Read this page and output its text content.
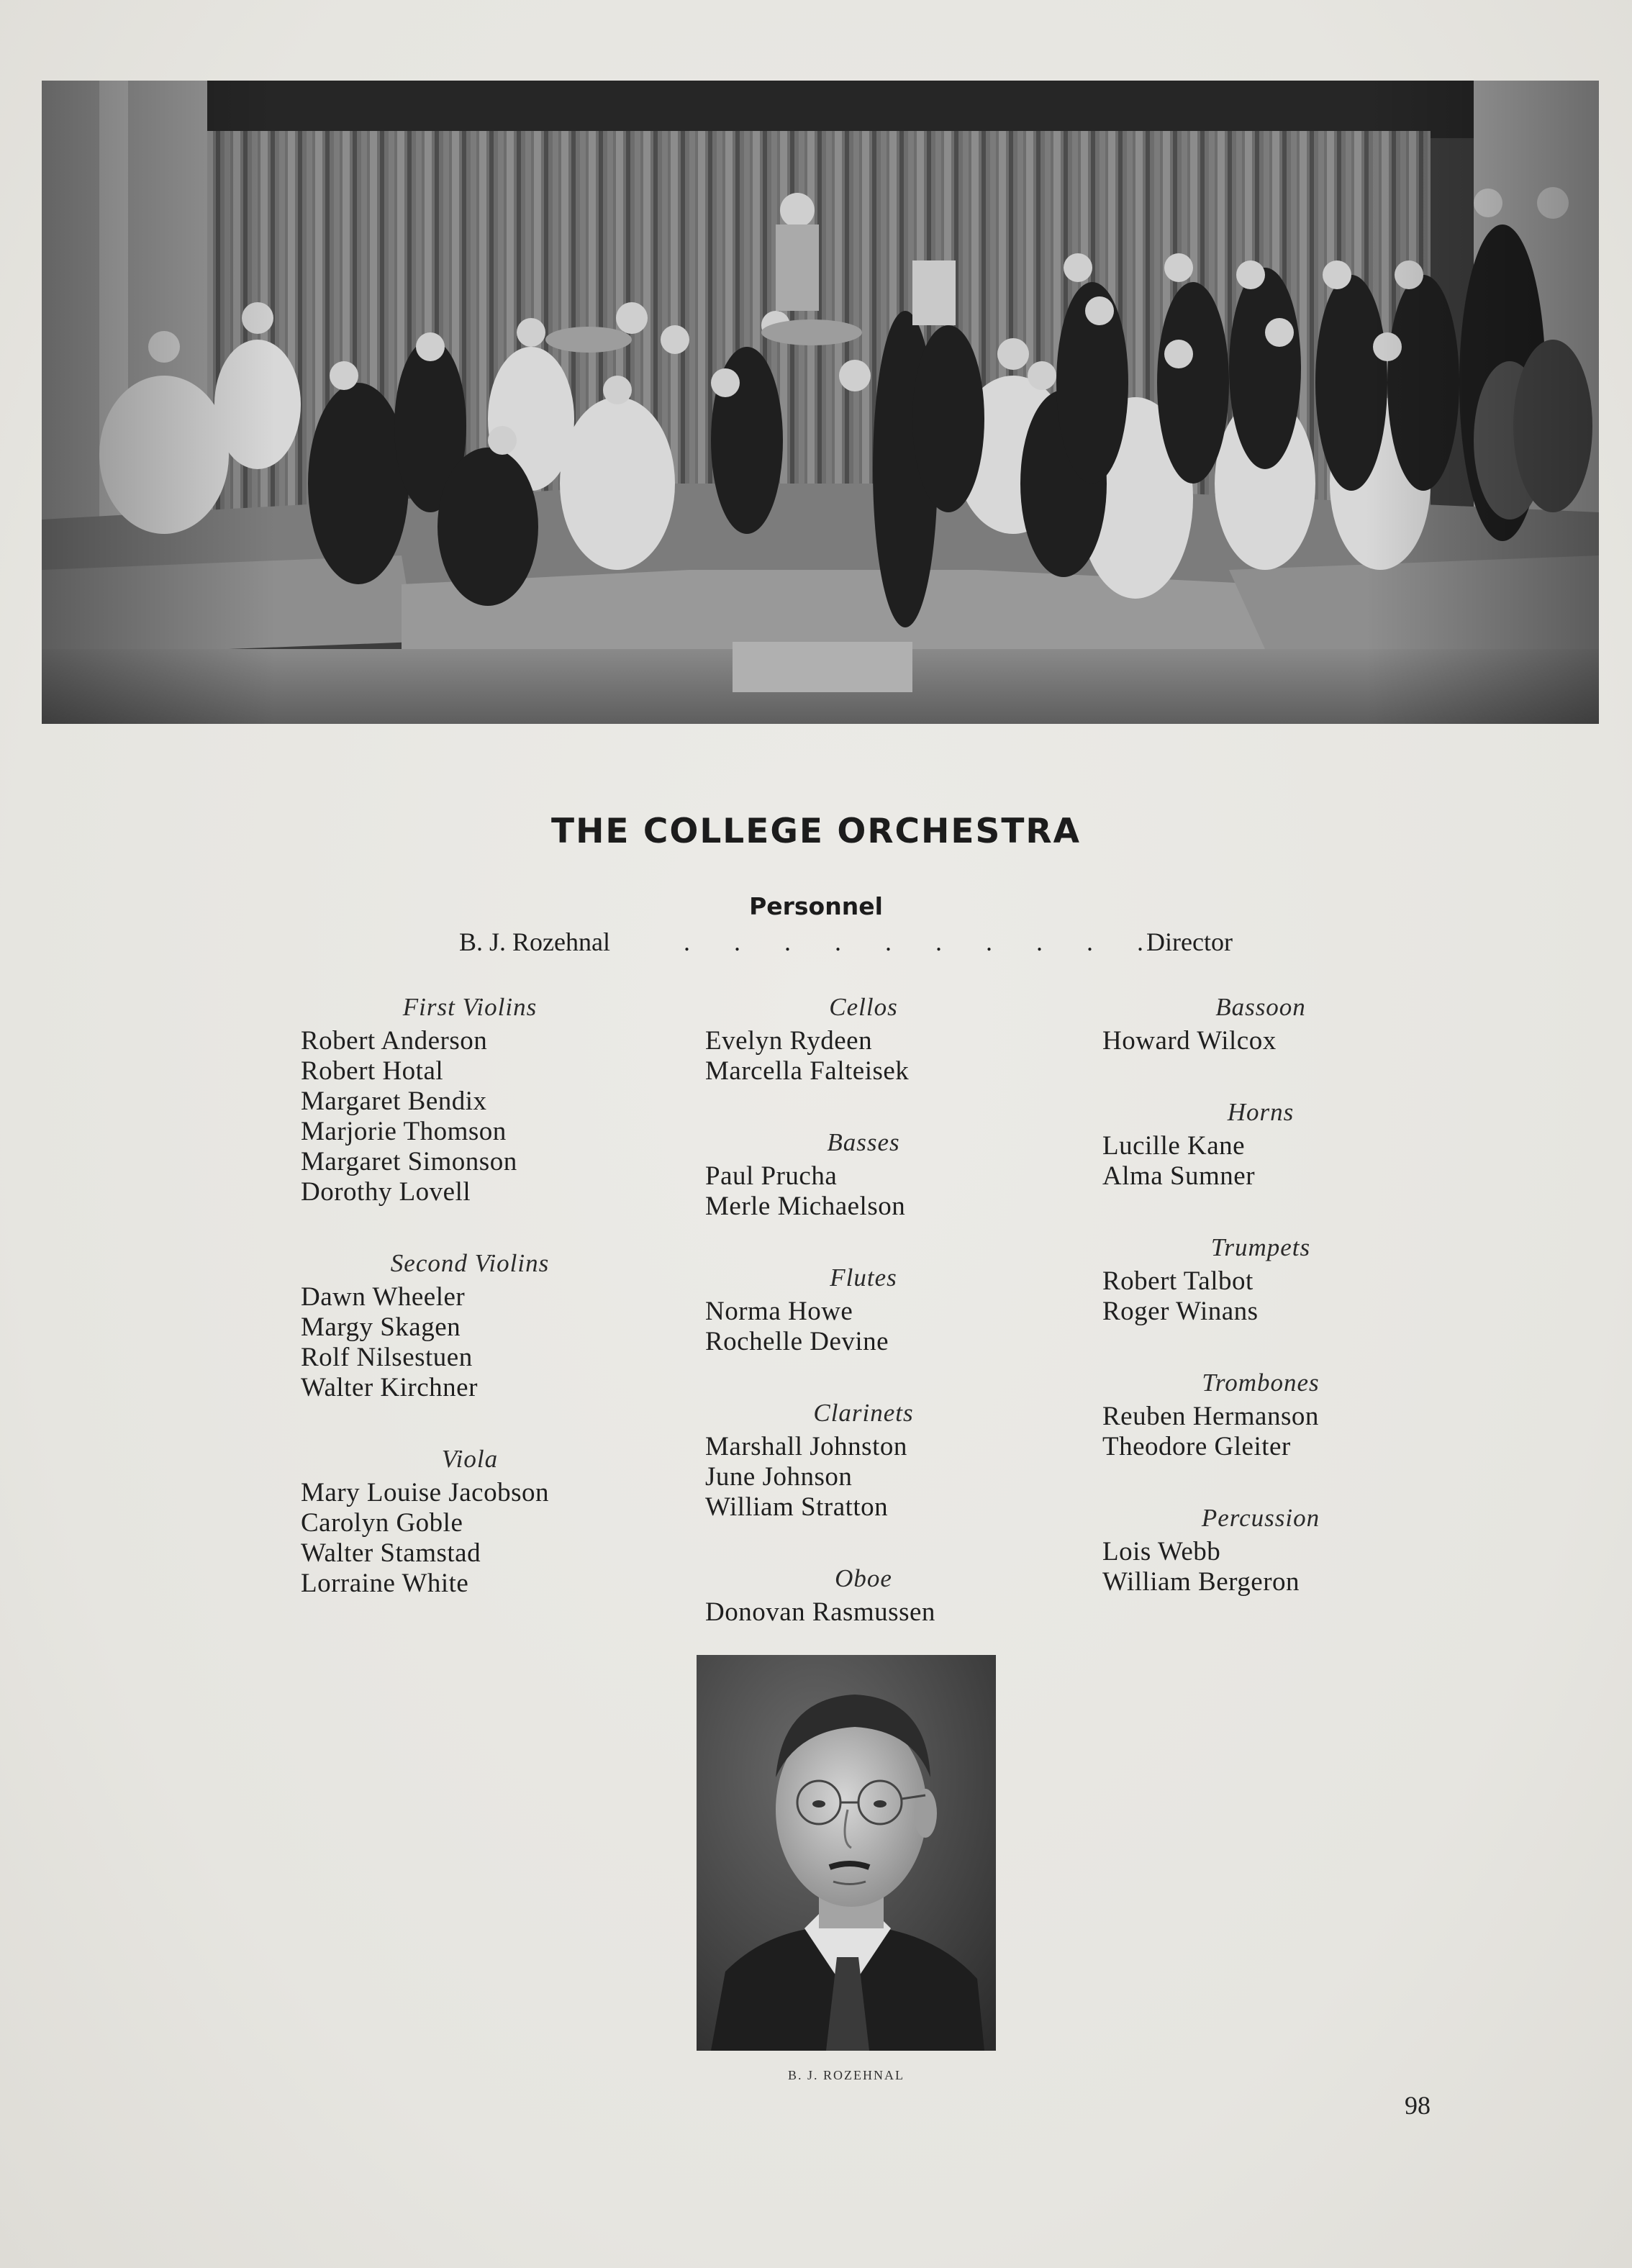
THE COLLEGE ORCHESTRA
Personnel
B. J. Rozehnal	. . . . . . . . . .
Director
First Violins
Robert Anderson
Robert Hotal
Margaret Bendix
Marjorie Thomson
Margaret Simonson
Dorothy Lovell
Second Violins
Dawn Wheeler
Margy Skagen
Rolf Nilsestuen
Walter Kirchner
Viola
Mary Louise Jacobson
Carolyn Goble
Walter Stamstad
Lorraine White
Cellos
Evelyn Rydeen
Marcella Falteisek
Basses
Paul Prucha
Merle Michaelson
Flutes
Norma Howe
Rochelle Devine
Clarinets
Marshall Johnston
June Johnson
William Stratton
Oboe
Donovan Rasmussen
Bassoon
Howard Wilcox
Horns
Lucille Kane
Alma Sumner
Trumpets
Robert Talbot
Roger Winans
Trombones
Reuben Hermanson
Theodore Gleiter
Percussion
Lois Webb
William Bergeron
B. J. ROZEHNAL
98
